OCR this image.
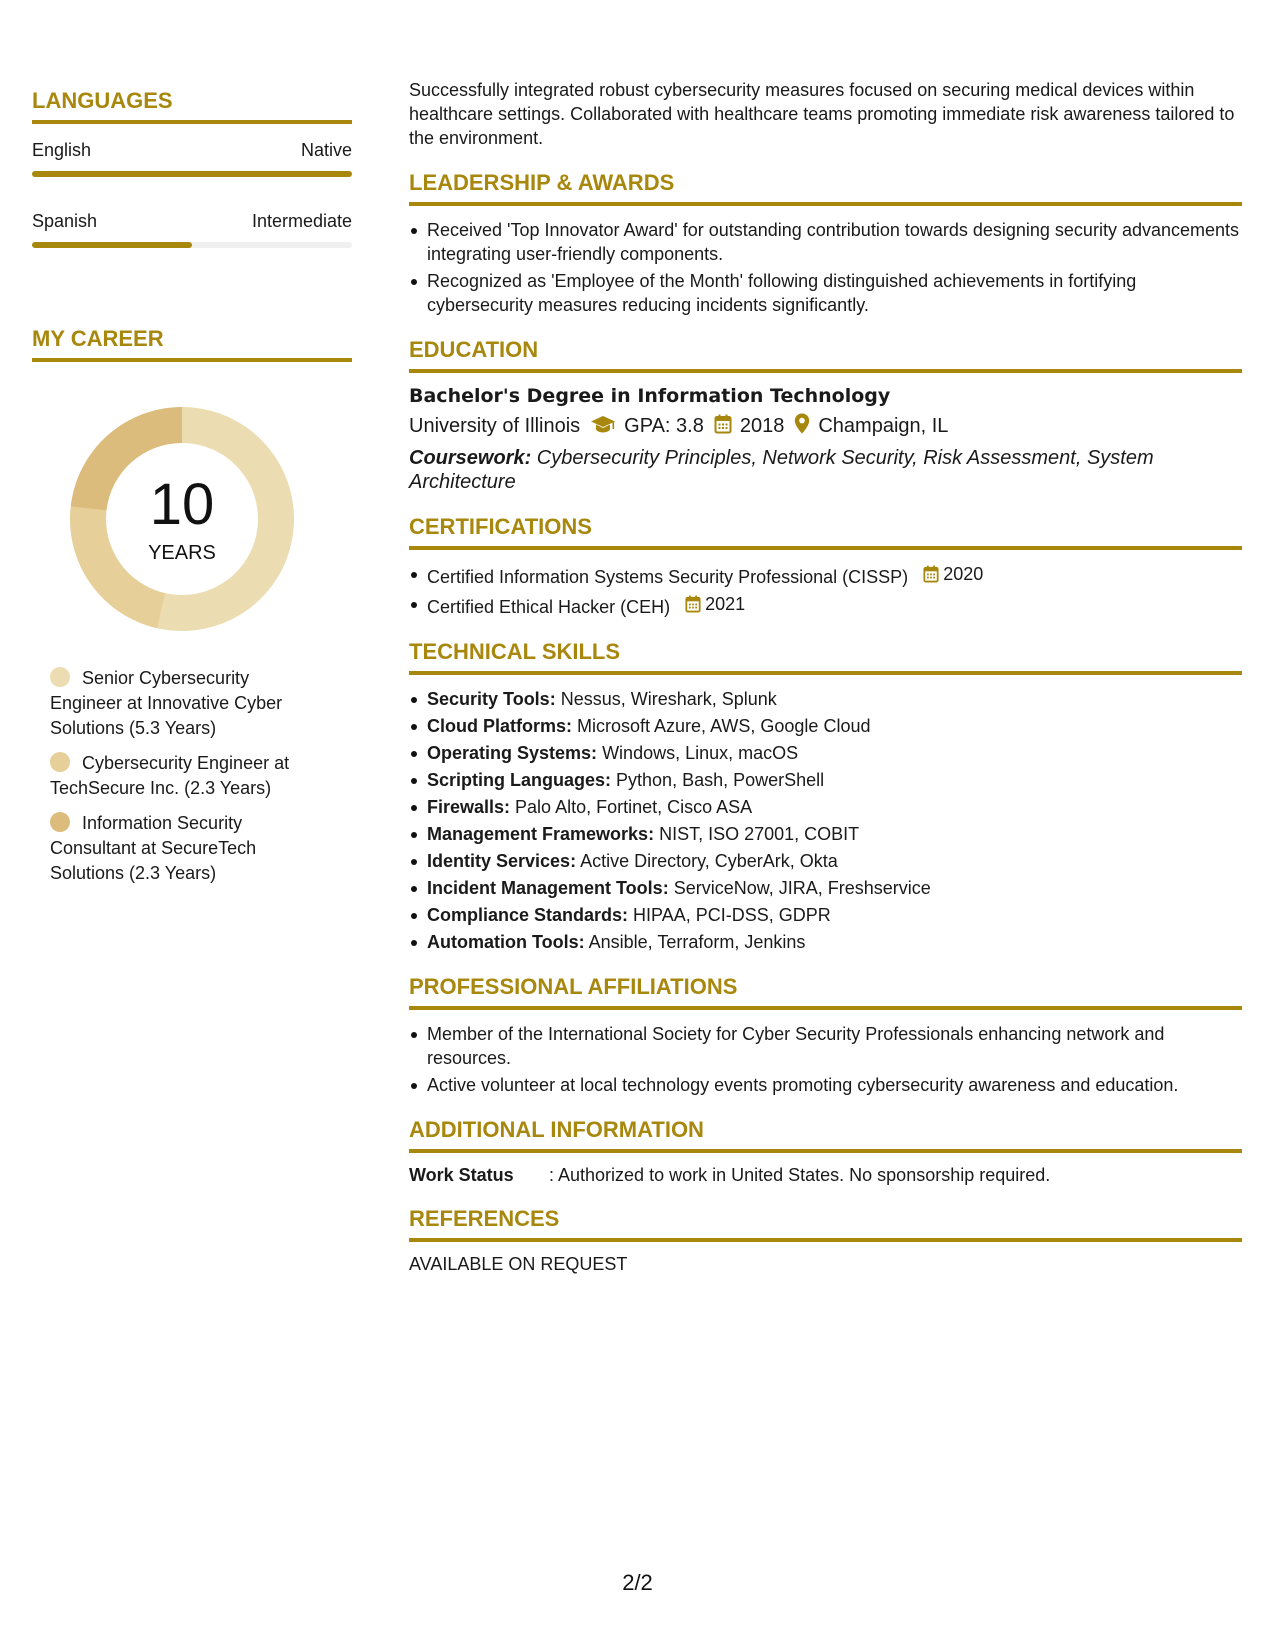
LANGUAGES
English	Native
Spanish	Intermediate
MY CAREER
10
YEARS
Senior Cybersecurity Engineer at Innovative Cyber Solutions (5.3 Years)
Cybersecurity Engineer at TechSecure Inc. (2.3 Years)
Information Security Consultant at SecureTech Solutions (2.3 Years)

Successfully integrated robust cybersecurity measures focused on securing medical devices within healthcare settings. Collaborated with healthcare teams promoting immediate risk awareness tailored to the environment.

LEADERSHIP & AWARDS
Received 'Top Innovator Award' for outstanding contribution towards designing security advancements integrating user-friendly components.
Recognized as 'Employee of the Month' following distinguished achievements in fortifying cybersecurity measures reducing incidents significantly.
EDUCATION
Bachelor's Degree in Information Technology
University of Illinois GPA: 3.8 2018 Champaign, IL
Coursework: Cybersecurity Principles, Network Security, Risk Assessment, System Architecture
CERTIFICATIONS
Certified Information Systems Security Professional (CISSP) 2020
Certified Ethical Hacker (CEH) 2021
TECHNICAL SKILLS
Security Tools: Nessus, Wireshark, Splunk
Cloud Platforms: Microsoft Azure, AWS, Google Cloud
Operating Systems: Windows, Linux, macOS
Scripting Languages: Python, Bash, PowerShell
Firewalls: Palo Alto, Fortinet, Cisco ASA
Management Frameworks: NIST, ISO 27001, COBIT
Identity Services: Active Directory, CyberArk, Okta
Incident Management Tools: ServiceNow, JIRA, Freshservice
Compliance Standards: HIPAA, PCI-DSS, GDPR
Automation Tools: Ansible, Terraform, Jenkins
PROFESSIONAL AFFILIATIONS
Member of the International Society for Cyber Security Professionals enhancing network and resources.
Active volunteer at local technology events promoting cybersecurity awareness and education.
ADDITIONAL INFORMATION
Work Status	: Authorized to work in United States. No sponsorship required.
REFERENCES
AVAILABLE ON REQUEST
2/2
